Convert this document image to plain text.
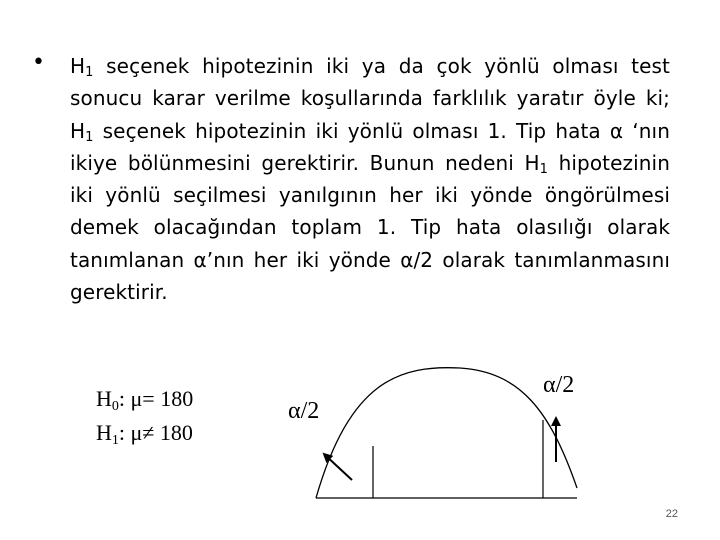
• $H_1$ seçenek hipotezinin iki ya da çok yönlü olması test sonucu karar verilme koşullarında farklılık yaratır öyle ki; $H_1$ seçenek hipotezinin iki yönlü olması 1. Tip hata α ‘nın ikiye bölünmesini gerektirir. Bunun nedeni $H_1$ hipotezinin iki yönlü seçilmesi yanılgının her iki yönde öngörülmesi demek olacağından toplam 1. Tip hata olasılığı olarak tanımlanan α’nın her iki yönde α/2 olarak tanımlanmasını gerektirir.
$H_0$: μ= 180
$H_1$: μ≠ 180
α/2
α/2
22
